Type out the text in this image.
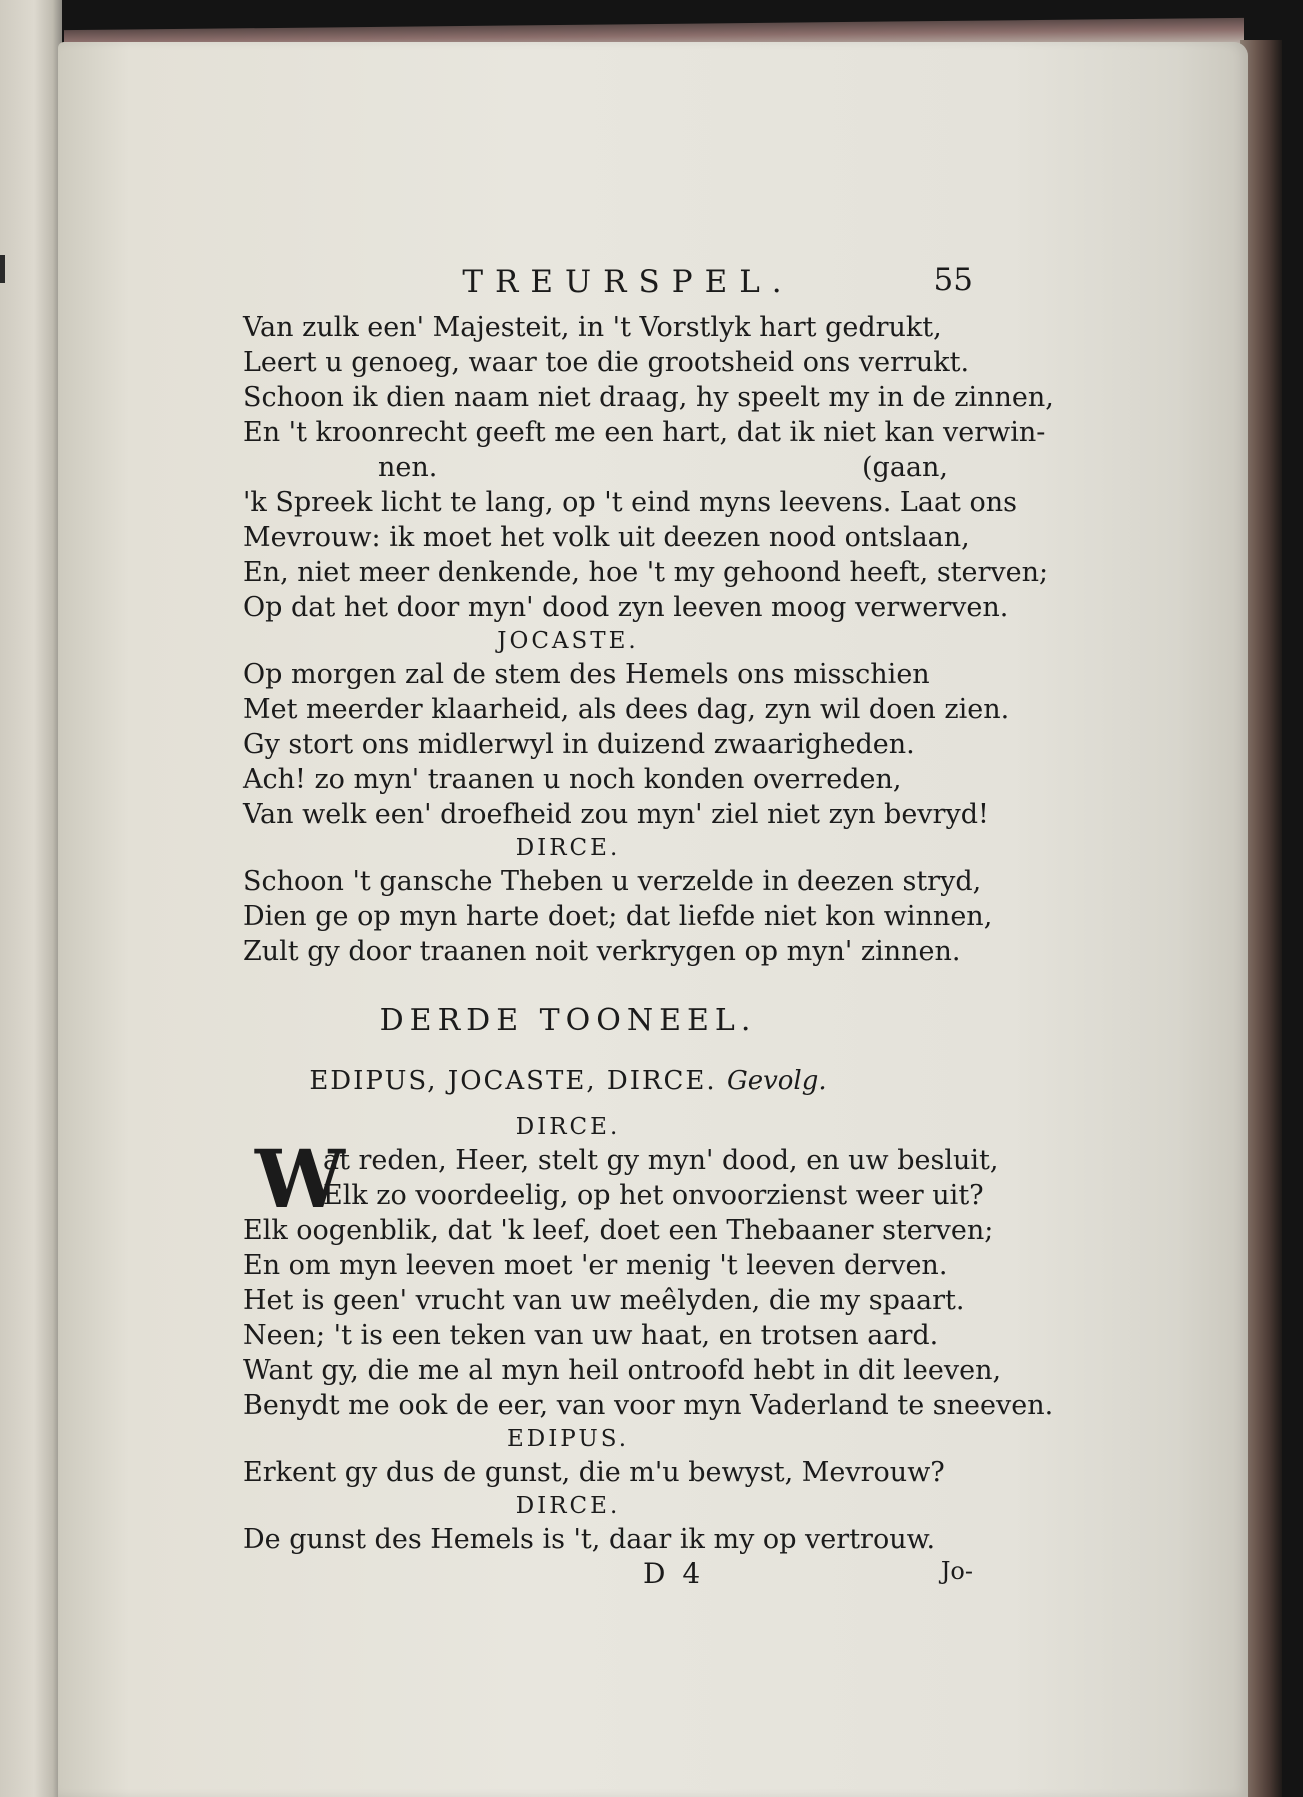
TREURSPEL.	55
Van zulk een' Majesteit, in 't Vorstlyk hart gedrukt,
Leert u genoeg, waar toe die grootsheid ons verrukt.
Schoon ik dien naam niet draag, hy speelt my in de zinnen,
En 't kroonrecht geeft me een hart, dat ik niet kan verwin-
nen.	(gaan,
'k Spreek licht te lang, op 't eind myns leevens. Laat ons
Mevrouw: ik moet het volk uit deezen nood ontslaan,
En, niet meer denkende, hoe 't my gehoond heeft, sterven;
Op dat het door myn' dood zyn leeven moog verwerven.
JOCASTE.
Op morgen zal de stem des Hemels ons misschien
Met meerder klaarheid, als dees dag, zyn wil doen zien.
Gy stort ons midlerwyl in duizend zwaarigheden.
Ach! zo myn' traanen u noch konden overreden,
Van welk een' droefheid zou myn' ziel niet zyn bevryd!
DIRCE.
Schoon 't gansche Theben u verzelde in deezen stryd,
Dien ge op myn harte doet; dat liefde niet kon winnen,
Zult gy door traanen noit verkrygen op myn' zinnen.
DERDE TOONEEL.
EDIPUS, JOCASTE, DIRCE. Gevolg.
DIRCE.
W
at reden, Heer, stelt gy myn' dood, en uw besluit,
Elk zo voordeelig, op het onvoorzienst weer uit?
Elk oogenblik, dat 'k leef, doet een Thebaaner sterven;
En om myn leeven moet 'er menig 't leeven derven.
Het is geen' vrucht van uw meêlyden, die my spaart.
Neen; 't is een teken van uw haat, en trotsen aard.
Want gy, die me al myn heil ontroofd hebt in dit leeven,
Benydt me ook de eer, van voor myn Vaderland te sneeven.
EDIPUS.
Erkent gy dus de gunst, die m'u bewyst, Mevrouw?
DIRCE.
De gunst des Hemels is 't, daar ik my op vertrouw.
D 4	Jo-
